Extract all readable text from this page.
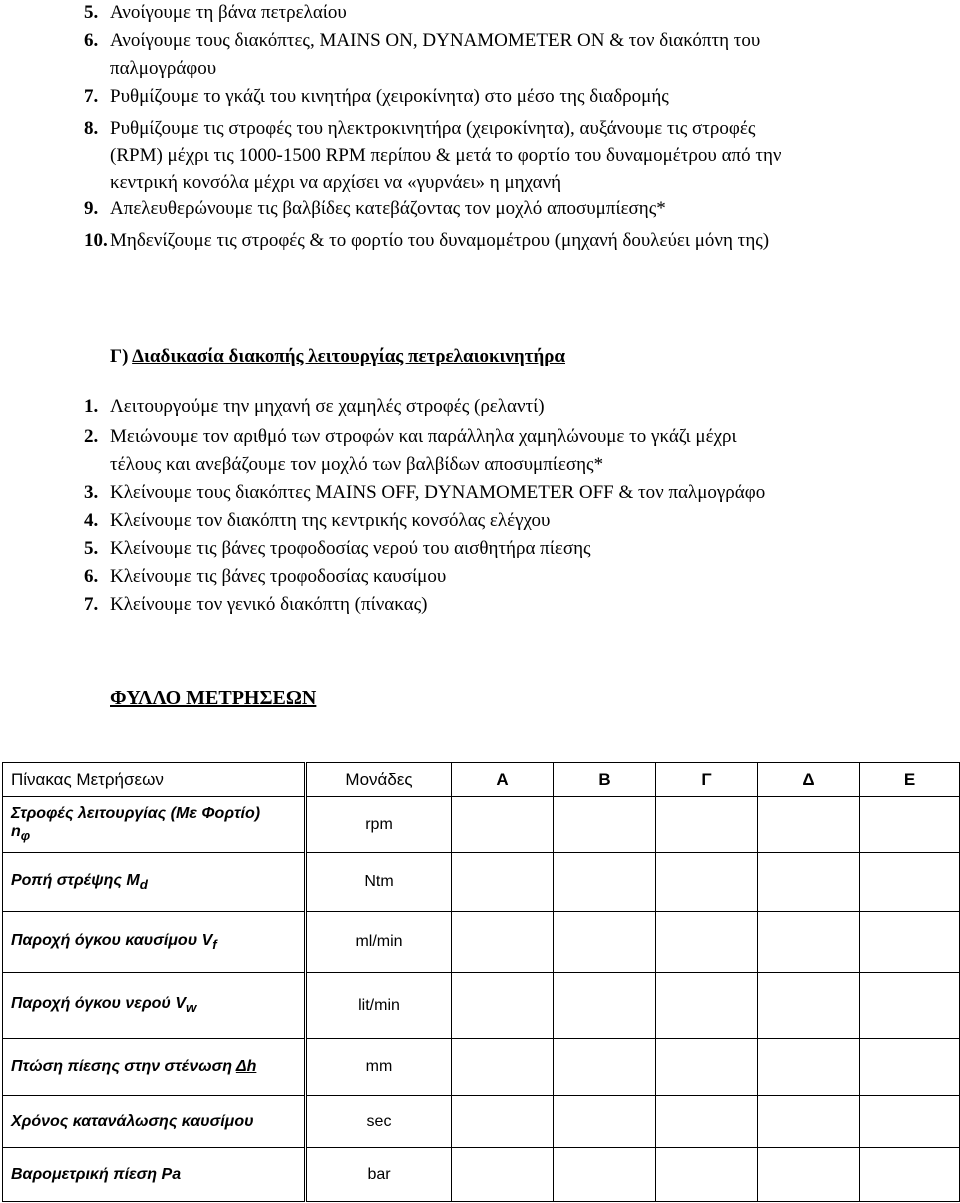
5. Ανοίγουμε τη βάνα πετρελαίου
6. Ανοίγουμε τους διακόπτες, MAINS ON, DYNAMOMETER ON & τον διακόπτη του
παλμογράφου
7. Ρυθμίζουμε το γκάζι του κινητήρα (χειροκίνητα) στο μέσο της διαδρομής
8. Ρυθμίζουμε τις στροφές του ηλεκτροκινητήρα (χειροκίνητα), αυξάνουμε τις στροφές
(RPM) μέχρι τις 1000-1500 RPM περίπου & μετά το φορτίο του δυναμομέτρου από την
κεντρική κονσόλα μέχρι να αρχίσει να «γυρνάει» η μηχανή
9. Απελευθερώνουμε τις βαλβίδες κατεβάζοντας τον μοχλό αποσυμπίεσης*
10. Μηδενίζουμε τις στροφές & το φορτίο του δυναμομέτρου (μηχανή δουλεύει μόνη της)
Γ) Διαδικασία διακοπής λειτουργίας πετρελαιοκινητήρα
1. Λειτουργούμε την μηχανή σε χαμηλές στροφές (ρελαντί)
2. Μειώνουμε τον αριθμό των στροφών και παράλληλα χαμηλώνουμε το γκάζι μέχρι
τέλους και ανεβάζουμε τον μοχλό των βαλβίδων αποσυμπίεσης*
3. Κλείνουμε τους διακόπτες MAINS OFF, DYNAMOMETER OFF & τον παλμογράφο
4. Κλείνουμε τον διακόπτη της κεντρικής κονσόλας ελέγχου
5. Κλείνουμε τις βάνες τροφοδοσίας νερού του αισθητήρα πίεσης
6. Κλείνουμε τις βάνες τροφοδοσίας καυσίμου
7. Κλείνουμε τον γενικό διακόπτη (πίνακας)
ΦΥΛΛΟ ΜΕΤΡΗΣΕΩΝ
Πίνακας Μετρήσεων	Μονάδες	A	B	Γ	Δ	E
Στροφές λειτουργίας (Με Φορτίο)
$n_\varphi$	rpm					
Ροπή στρέψης $M_d$	Ntm					
Παροχή όγκου καυσίμου $V_f$	ml/min					
Παροχή όγκου νερού $V_w$	lit/min					
Πτώση πίεσης στην στένωση Δh	mm					
Χρόνος κατανάλωσης καυσίμου	sec					
Βαρομετρική πίεση Pa	bar					
